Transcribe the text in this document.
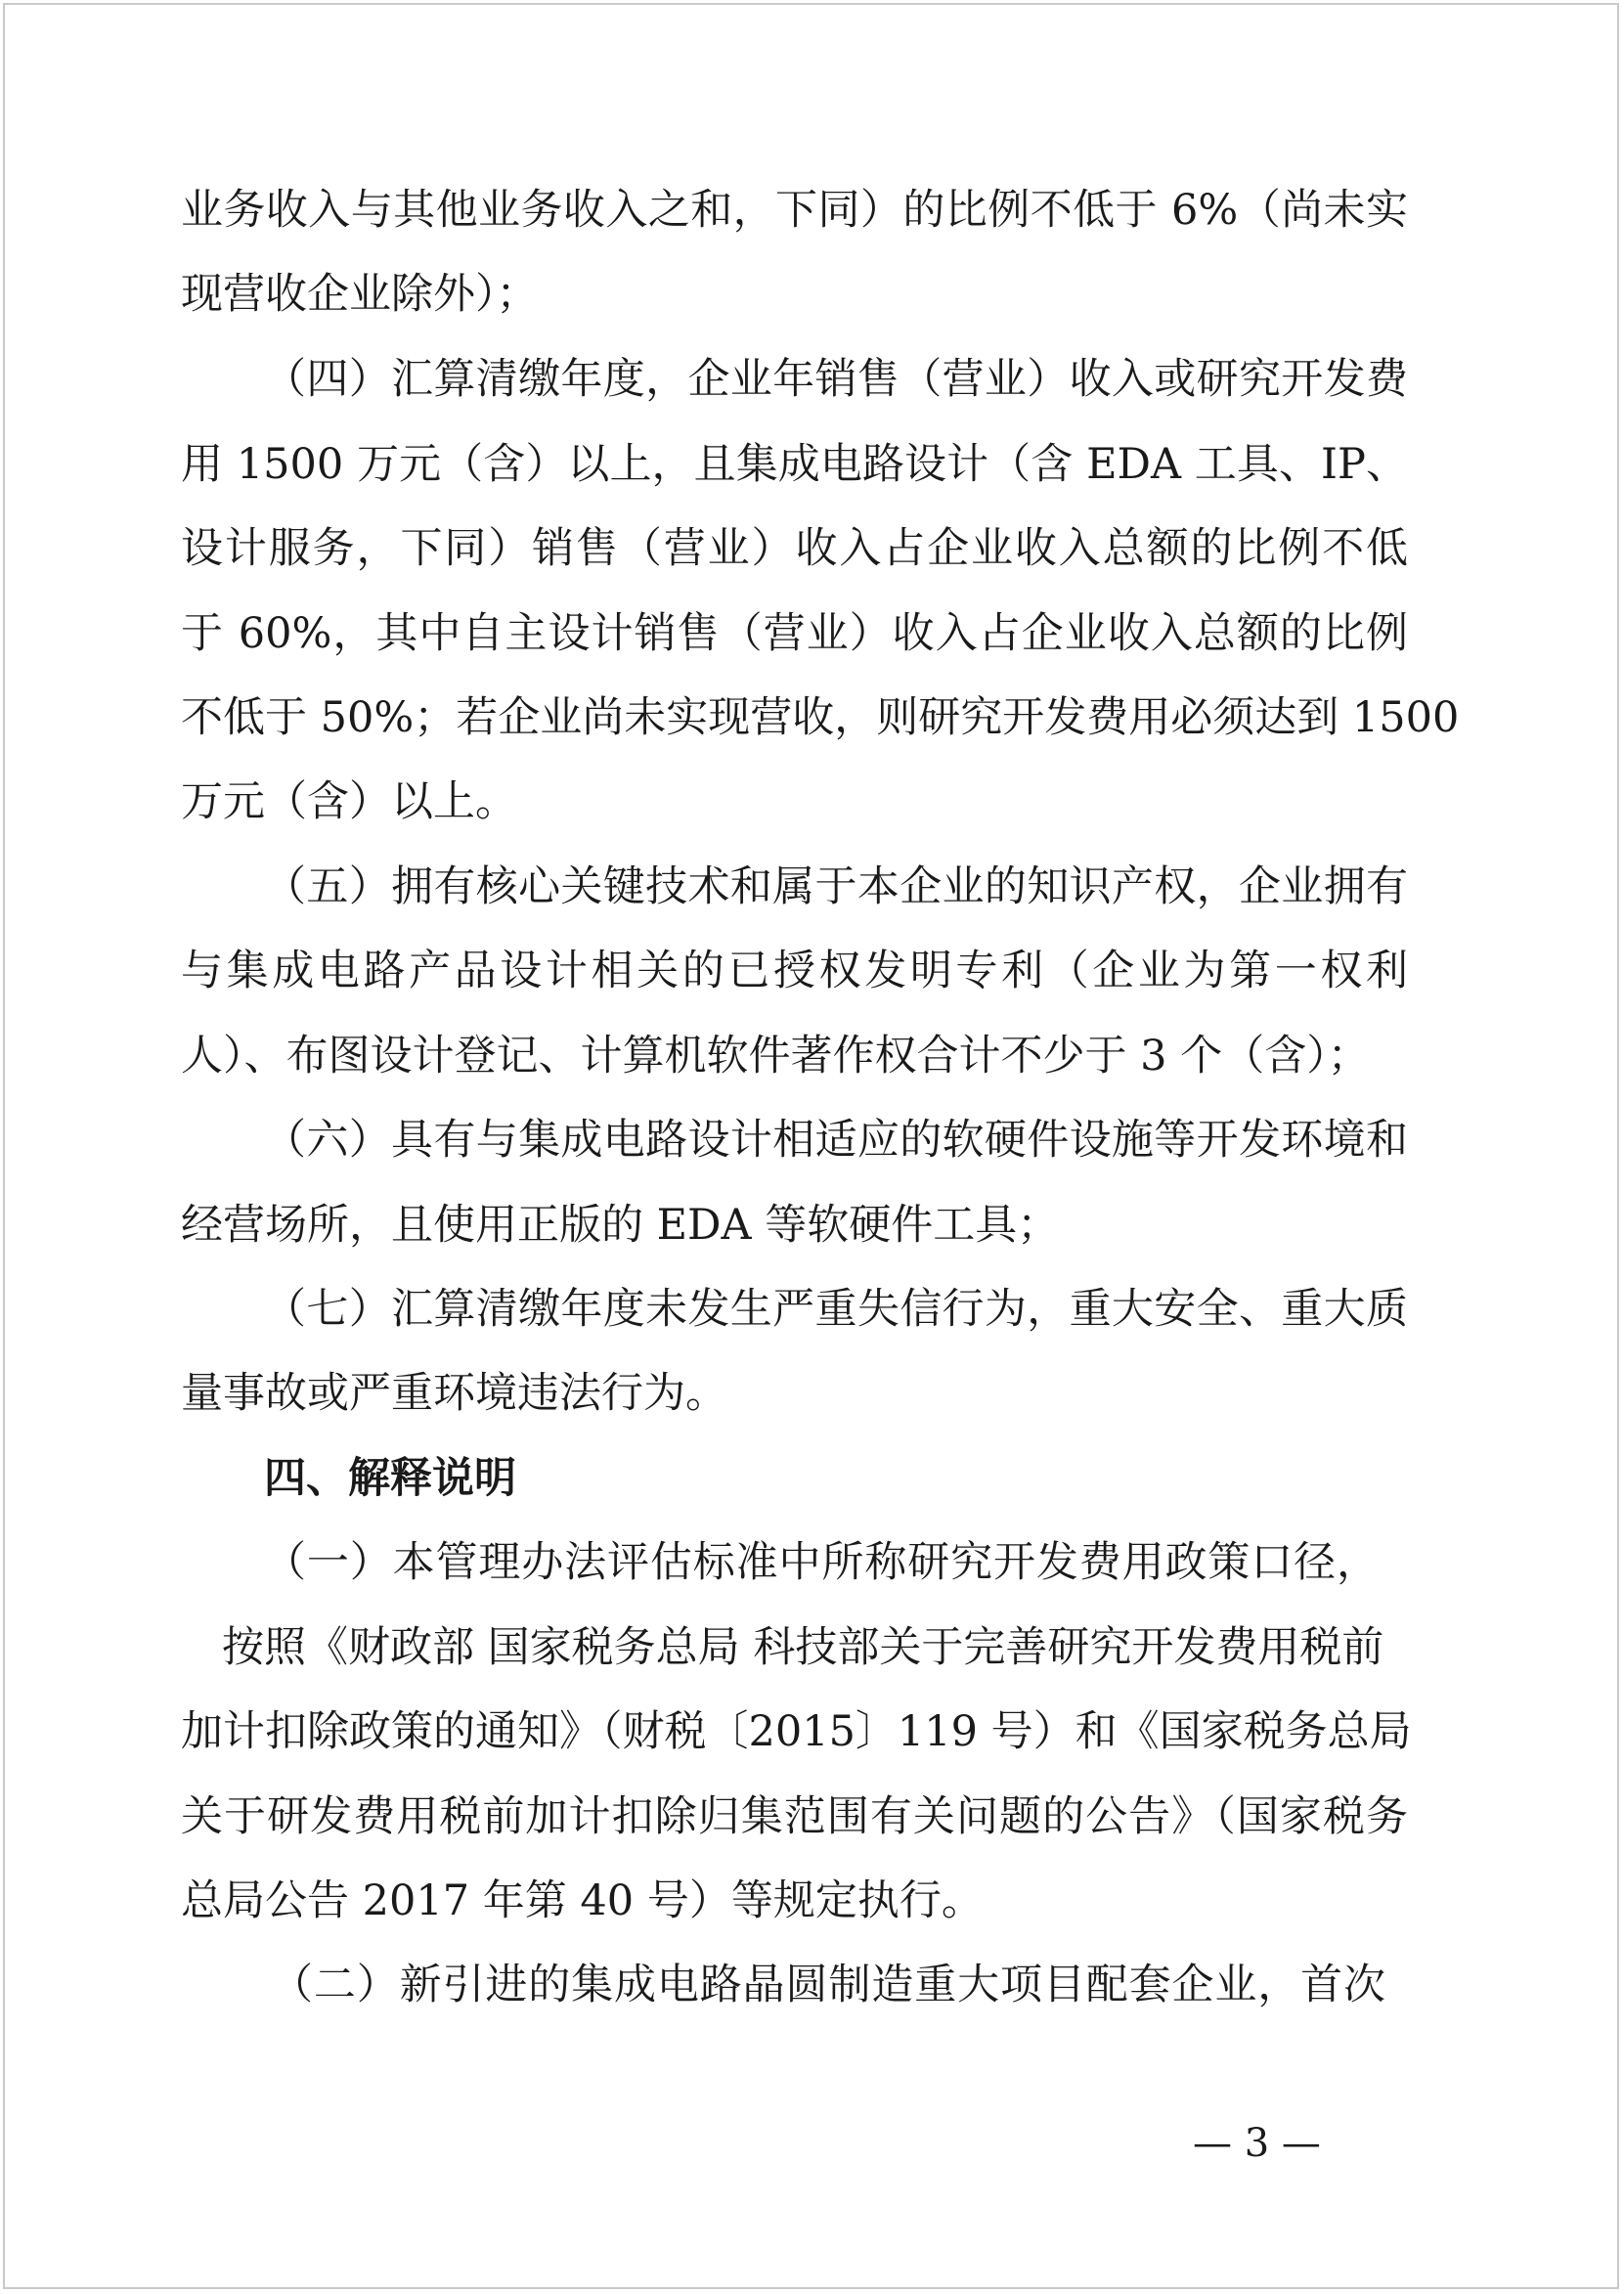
业务收入与其他业务收入之和，下同）的比例不低于 6%（尚未实
现营收企业除外）；
（四）汇算清缴年度，企业年销售（营业）收入或研究开发费
用 1500 万元（含）以上，且集成电路设计（含 EDA 工具、IP、
设计服务，下同）销售（营业）收入占企业收入总额的比例不低
于 60%，其中自主设计销售（营业）收入占企业收入总额的比例
不低于 50%；若企业尚未实现营收，则研究开发费用必须达到 1500
万元（含）以上。
（五）拥有核心关键技术和属于本企业的知识产权，企业拥有
与集成电路产品设计相关的已授权发明专利（企业为第一权利
人）、布图设计登记、计算机软件著作权合计不少于 3 个（含）；
（六）具有与集成电路设计相适应的软硬件设施等开发环境和
经营场所，且使用正版的 EDA 等软硬件工具；
（七）汇算清缴年度未发生严重失信行为，重大安全、重大质
量事故或严重环境违法行为。
四、解释说明
（一）本管理办法评估标准中所称研究开发费用政策口径，
按照《财政部 国家税务总局 科技部关于完善研究开发费用税前
加计扣除政策的通知》（财税〔2015〕119 号）和《国家税务总局
关于研发费用税前加计扣除归集范围有关问题的公告》（国家税务
总局公告 2017 年第 40 号）等规定执行。
（二）新引进的集成电路晶圆制造重大项目配套企业，首次
— 3 —
